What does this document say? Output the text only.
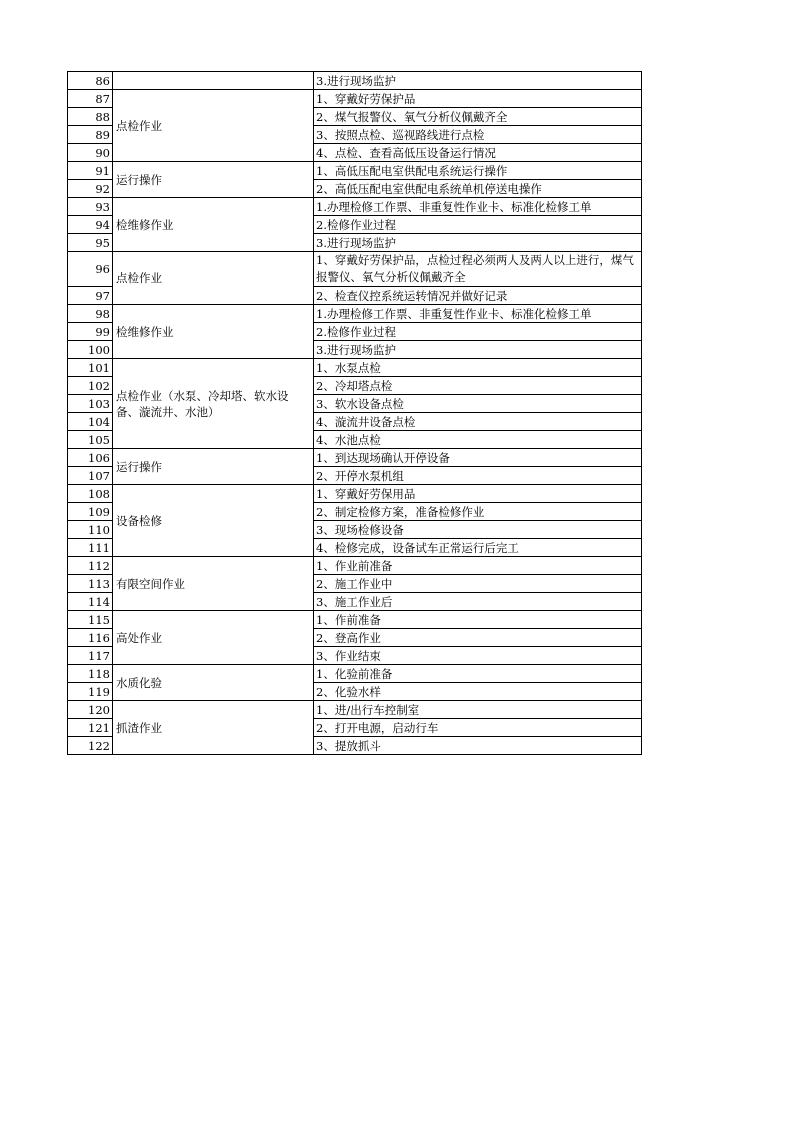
86		3.进行现场监护
87	点检作业	1、穿戴好劳保护品
88		2、煤气报警仪、氧气分析仪佩戴齐全
89		3、按照点检、巡视路线进行点检
90		4、点检、查看高低压设备运行情况
91	运行操作	1、高低压配电室供配电系统运行操作
92		2、高低压配电室供配电系统单机停送电操作
93	检维修作业	1.办理检修工作票、非重复性作业卡、标准化检修工单
94		2.检修作业过程
95		3.进行现场监护
96	点检作业	1、穿戴好劳保护品，点检过程必须两人及两人以上进行，煤气报警仪、氧气分析仪佩戴齐全
97		2、检查仪控系统运转情况并做好记录
98	检维修作业	1.办理检修工作票、非重复性作业卡、标准化检修工单
99		2.检修作业过程
100		3.进行现场监护
101	点检作业（水泵、冷却塔、软水设备、漩流井、水池）	1、水泵点检
102		2、冷却塔点检
103		3、软水设备点检
104		4、漩流井设备点检
105		4、水池点检
106	运行操作	1、到达现场确认开停设备
107		2、开停水泵机组
108	设备检修	1、穿戴好劳保用品
109		2、制定检修方案，准备检修作业
110		3、现场检修设备
111		4、检修完成，设备试车正常运行后完工
112	有限空间作业	1、作业前准备
113		2、施工作业中
114		3、施工作业后
115	高处作业	1、作前准备
116		2、登高作业
117		3、作业结束
118	水质化验	1、化验前准备
119		2、化验水样
120	抓渣作业	1、进/出行车控制室
121		2、打开电源，启动行车
122		3、提放抓斗
